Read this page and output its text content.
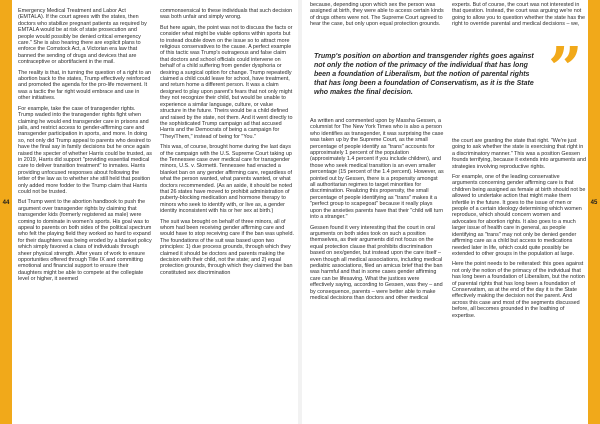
44

Emergency Medical Treatment and Labor Act (EMTALA). If the court agrees with the states, then doctors who stabilize pregnant patients as required by EMTALA would be at risk of state prosecution and people would possibly be denied critical emergency care." She is also hearing there are explicit plans to enforce the Comstock Act, a Victorian era law that banned the sending of drugs and devices that are contraceptive or abortifacient in the mail.

The reality is that, in turning the question of a right to an abortion back to the states, Trump effectively reinforced and promoted the agenda for the pro-life movement. It was a tactic the far right would embrace and use in other initiatives.

For example, take the case of transgender rights. Trump waded into the transgender rights fight when claiming he would end transgender care in prisons and jails, and restrict access to gender-affirming care and transgender participation in sports, and more. In doing so, not only did Trump appeal to parents who desired to have the final say in family decisions but he once again raised the specter of whether Harris could be trusted, as in 2019, Harris did support "providing essential medical care to deliver transition treatment" to inmates. Harris providing unfocused responses about following the letter of the law as to whether she still held that position only added more fodder to the Trump claim that Harris could not be trusted.

But Trump went to the abortion handbook to push the argument over transgender rights by claiming that transgender kids (formerly registered as male) were coming to dominate in women's sports. His goal was to appeal to parents on both sides of the political spectrum who felt the playing field they worked so hard to expand for their daughters was being eroded by a blanket policy which simply favored a class of individuals through sheer physical strength. After years of work to ensure opportunities offered through Title IX and committing emotional and financial support to ensure their daughters might be able to compete at the collegiate level or higher, it seemed

commonsensical to these individuals that such decision was both unfair and simply wrong.

But here again, the point was not to discuss the facts or consider what might be viable options within sports but to instead double down on the issue so to attract more religious conservatives to the cause. A perfect example of this tactic was Trump's outrageous and false claim that doctors and school officials could intervene on behalf of a child suffering from gender dysphoria or desiring a surgical option for change. Trump repeatedly claimed a child could leave for school, have treatment, and return home a different person. It was a claim designed to play upon parent's fears that not only might they not recognize their child, but would be unable to experience a similar language, culture, or value structure in the future. Theirs would be a child defined and raised by the state, not them. And it went directly to the sophisticated Trump campaign ad that accused Harris and the Democrats of being a campaign for "They/Them," instead of being for "You."

This was, of course, brought home during the last days of the campaign with the U.S. Supreme Court taking up the Tennessee case over medical care for transgender minors, U.S. v. Skrmetti. Tennessee had enacted a blanket ban on any gender affirming care, regardless of what the person wanted, what parents wanted, or what doctors recommended. (As an aside, it should be noted that 26 states have moved to prohibit administration of puberty-blocking medication and hormone therapy to minors who seek to identify with, or live as, a gender identity inconsistent with his or her sex at birth.)

The suit was brought on behalf of three minors, all of whom had been receiving gender affirming care and would have to stop receiving care if the ban was upheld. The foundations of the suit was based upon two principles: 1) due process grounds, through which they claimed it should be doctors and parents making the decision with their child, not the state; and 2) equal protection grounds, through which they claimed the ban constituted sex discrimination

45

because, depending upon which sex the person was assigned at birth, they were able to access certain kinds of drugs others were not. The Supreme Court agreed to hear the case, but only upon equal protection grounds.

experts. But of course, the court was not interested in that question. Instead, the court was arguing we're not going to allow you to question whether the state has the right to override parental and medical decisions – we,

Trump's position on abortion and transgender rights goes against not only the notion of the primacy of the individual that has long been a foundation of Liberalism, but the notion of parental rights that has long been a foundation of Conservatism, as it is the State who makes the final decision.	”

As written and commented upon by Massha Gessen, a columnist for The New York Times who is also a person who identifies as transgender, it was surprising the case was taken up by the Supreme Court, as the small percentage of people identify as "trans" accounts for approximately 1 percent of the population (approximately 1.4 percent if you include children), and those who seek medical transition is an even smaller percentage (15 percent of the 1.4 percent). However, as pointed out by Gessen, there is a propensity amongst all authoritarian regimes to target minorities for discrimination. Realizing this propensity, the small percentage of people identifying as "trans" makes it a "perfect group to scapegoat" because it really plays upon the anxieties parents have that their "child will turn into a stranger."

Gessen found it very interesting that the court in oral arguments on both sides took on such a position themselves, as their arguments did not focus on the equal protection clause that prohibits discrimination based on sex/gender, but instead upon the care itself – even though all medical associations, including medical pediatric associations, filed an amicus brief that the ban was harmful and that in some cases gender affirming care can be lifesaving. What the justices were effectively saying, according to Gessen, was they – and by consequence, parents – were better able to make medical decisions than doctors and other medical

the court are granting the state that right. "We're just going to ask whether the state is exercising that right in a discriminatory manner." This was a position Gessen founds terrifying, because it extends into arguments and strategies involving reproductive rights.

For example, one of the leading conservative arguments concerning gender affirming care is that children being assigned as female at birth should not be allowed to undertake action that might make them infertile in the future. It goes to the issue of men or people of a certain ideology determining which women reproduce, which should concern women and advocates for abortion rights. It also goes to a much larger issue of health care in general, as people identifying as "trans" may not only be denied gender affirming care as a child but access to medications needed later in life, which could quite possibly be extended to other groups in the population at large.

Here the point needs to be reiterated: this goes against not only the notion of the primacy of the individual that has long been a foundation of Liberalism, but the notion of parental rights that has long been a foundation of Conservatism, as at the end of the day it is the State effectively making the decision not the parent. And across this case and most of the segments discussed before, all becomes grounded in the loathing of expertise.
